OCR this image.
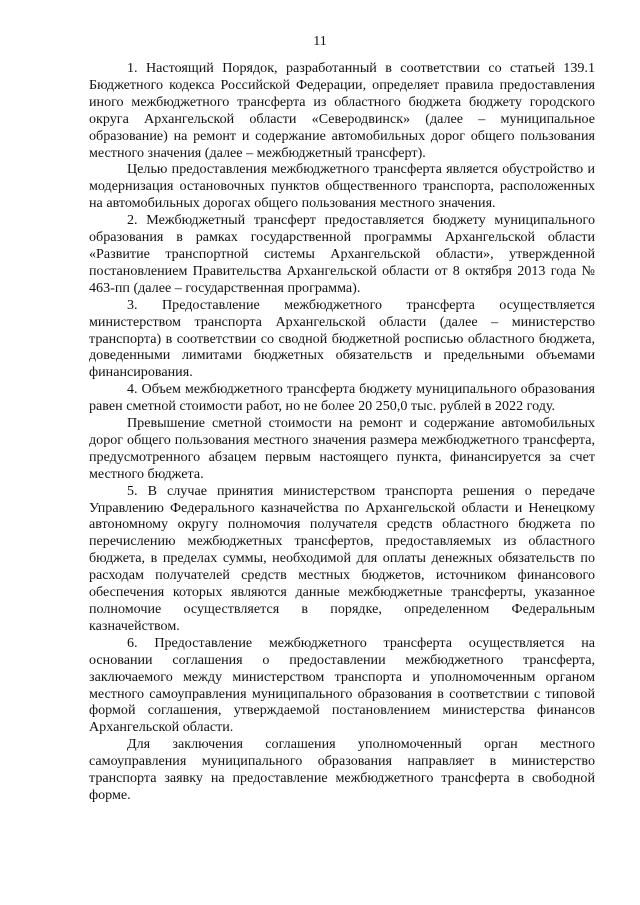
11

1. Настоящий Порядок, разработанный в соответствии со статьей 139.1 Бюджетного кодекса Российской Федерации, определяет правила предоставления иного межбюджетного трансферта из областного бюджета бюджету городского округа Архангельской области «Северодвинск» (далее – муниципальное образование) на ремонт и содержание автомобильных дорог общего пользования местного значения (далее – межбюджетный трансферт).

Целью предоставления межбюджетного трансферта является обустройство и модернизация остановочных пунктов общественного транспорта, расположенных на автомобильных дорогах общего пользования местного значения.

2. Межбюджетный трансферт предоставляется бюджету муниципального образования в рамках государственной программы Архангельской области «Развитие транспортной системы Архангельской области», утвержденной постановлением Правительства Архангельской области от 8 октября 2013 года № 463-пп (далее – государственная программа).

3. Предоставление межбюджетного трансферта осуществляется министерством транспорта Архангельской области (далее – министерство транспорта) в соответствии со сводной бюджетной росписью областного бюджета, доведенными лимитами бюджетных обязательств и предельными объемами финансирования.

4. Объем межбюджетного трансферта бюджету муниципального образования равен сметной стоимости работ, но не более 20 250,0 тыс. рублей в 2022 году.

Превышение сметной стоимости на ремонт и содержание автомобильных дорог общего пользования местного значения размера межбюджетного трансферта, предусмотренного абзацем первым настоящего пункта, финансируется за счет местного бюджета.

5. В случае принятия министерством транспорта решения о передаче Управлению Федерального казначейства по Архангельской области и Ненецкому автономному округу полномочия получателя средств областного бюджета по перечислению межбюджетных трансфертов, предоставляемых из областного бюджета, в пределах суммы, необходимой для оплаты денежных обязательств по расходам получателей средств местных бюджетов, источником финансового обеспечения которых являются данные межбюджетные трансферты, указанное полномочие осуществляется в порядке, определенном Федеральным казначейством.

6. Предоставление межбюджетного трансферта осуществляется на основании соглашения о предоставлении межбюджетного трансферта, заключаемого между министерством транспорта и уполномоченным органом местного самоуправления муниципального образования в соответствии с типовой формой соглашения, утверждаемой постановлением министерства финансов Архангельской области.

Для заключения соглашения уполномоченный орган местного самоуправления муниципального образования направляет в министерство транспорта заявку на предоставление межбюджетного трансферта в свободной форме.
